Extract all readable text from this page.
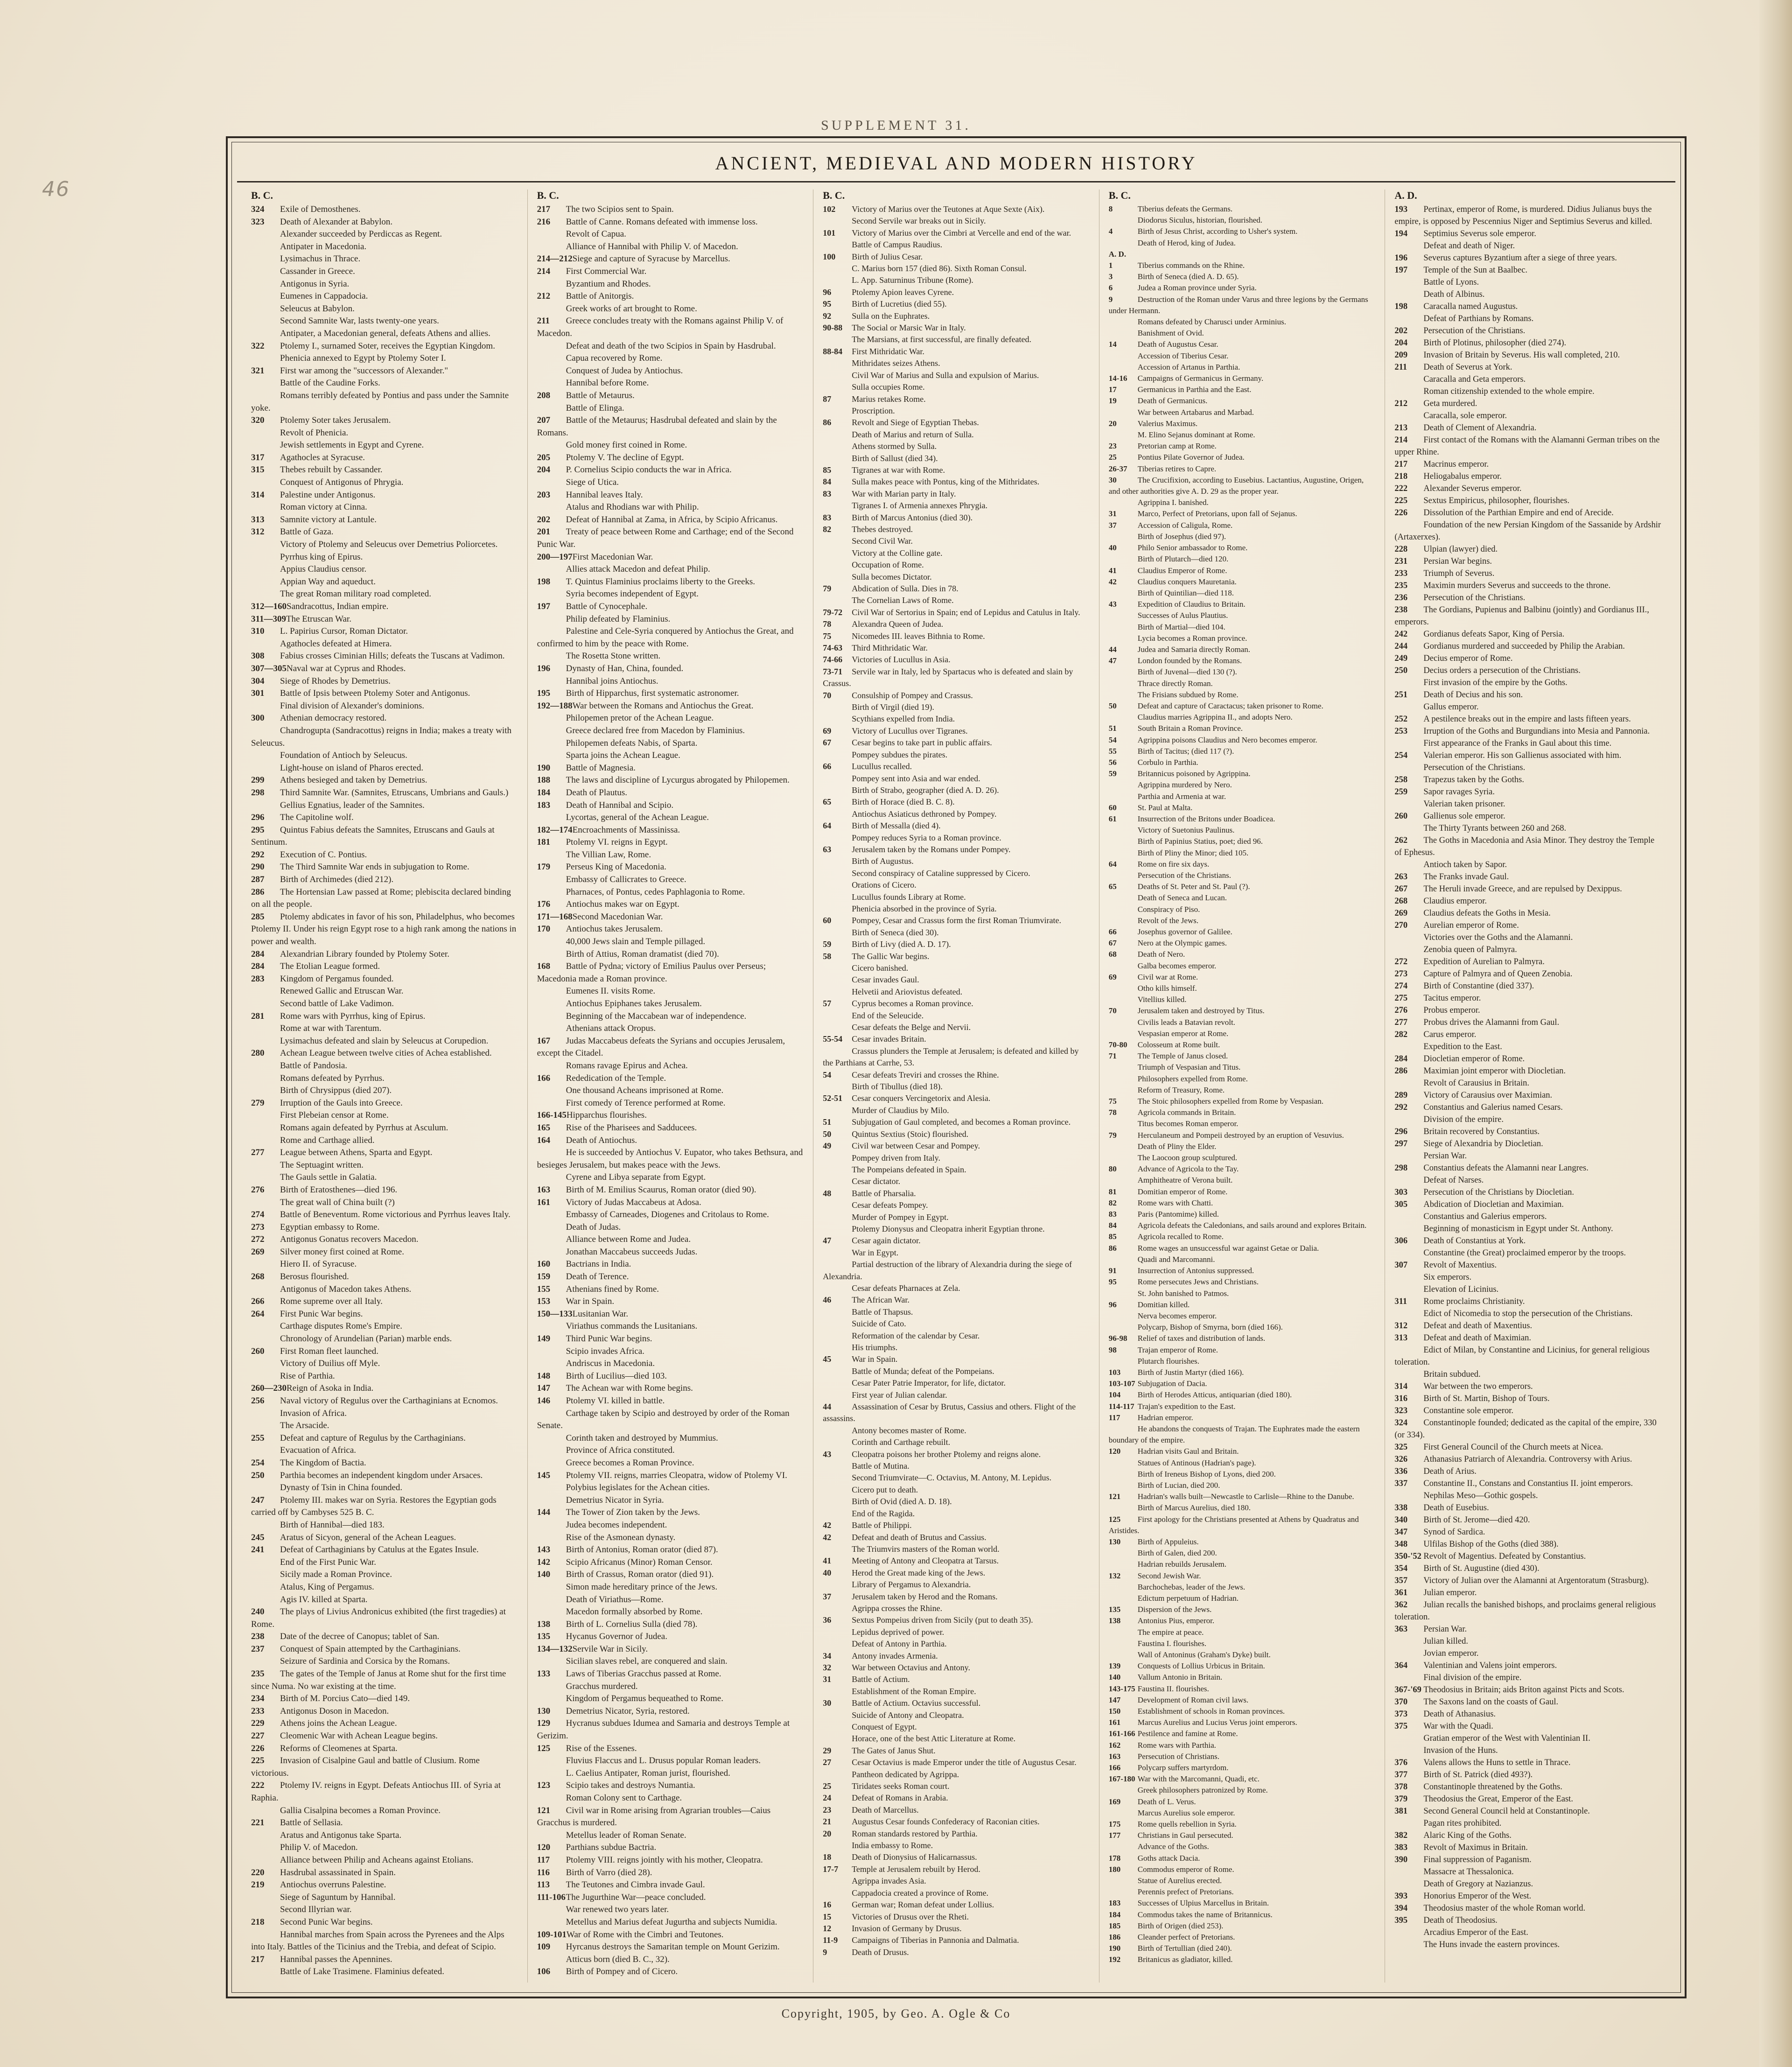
46
SUPPLEMENT 31.
ANCIENT, MEDIEVAL AND MODERN HISTORY
B. C.

324 Exile of Demosthenes.

323 Death of Alexander at Babylon.

Alexander succeeded by Perdiccas as Regent.

Antipater in Macedonia.

Lysimachus in Thrace.

Cassander in Greece.

Antigonus in Syria.

Eumenes in Cappadocia.

Seleucus at Babylon.

Second Samnite War, lasts twenty-one years.

Antipater, a Macedonian general, defeats Athens and allies.

322 Ptolemy I., surnamed Soter, receives the Egyptian Kingdom.

Phenicia annexed to Egypt by Ptolemy Soter I.

321 First war among the "successors of Alexander."

Battle of the Caudine Forks.

Romans terribly defeated by Pontius and pass under the Samnite yoke.

320 Ptolemy Soter takes Jerusalem.

Revolt of Phenicia.

Jewish settlements in Egypt and Cyrene.

317 Agathocles at Syracuse.

315 Thebes rebuilt by Cassander.

Conquest of Antigonus of Phrygia.

314 Palestine under Antigonus.

Roman victory at Cinna.

313 Samnite victory at Lantule.

312 Battle of Gaza.

Victory of Ptolemy and Seleucus over Demetrius Poliorcetes.

Pyrrhus king of Epirus.

Appius Claudius censor.

Appian Way and aqueduct.

The great Roman military road completed.

312—160Sandracottus, Indian empire.

311—309The Etruscan War.

310 L. Papirius Cursor, Roman Dictator.

Agathocles defeated at Himera.

308 Fabius crosses Ciminian Hills; defeats the Tuscans at Vadimon.

307—305Naval war at Cyprus and Rhodes.

304 Siege of Rhodes by Demetrius.

301 Battle of Ipsis between Ptolemy Soter and Antigonus.

Final division of Alexander's dominions.

300 Athenian democracy restored.

Chandrogupta (Sandracottus) reigns in India; makes a treaty with Seleucus.

Foundation of Antioch by Seleucus.

Light-house on island of Pharos erected.

299 Athens besieged and taken by Demetrius.

298 Third Samnite War. (Samnites, Etruscans, Umbrians and Gauls.)

Gellius Egnatius, leader of the Samnites.

296 The Capitoline wolf.

295 Quintus Fabius defeats the Samnites, Etruscans and Gauls at Sentinum.

292 Execution of C. Pontius.

290 The Third Samnite War ends in subjugation to Rome.

287 Birth of Archimedes (died 212).

286 The Hortensian Law passed at Rome; plebiscita declared binding on all the people.

285 Ptolemy abdicates in favor of his son, Philadelphus, who becomes Ptolemy II. Under his reign Egypt rose to a high rank among the nations in power and wealth.

284 Alexandrian Library founded by Ptolemy Soter.

284 The Etolian League formed.

283 Kingdom of Pergamus founded.

Renewed Gallic and Etruscan War.

Second battle of Lake Vadimon.

281 Rome wars with Pyrrhus, king of Epirus.

Rome at war with Tarentum.

Lysimachus defeated and slain by Seleucus at Corupedion.

280 Achean League between twelve cities of Achea established.

Battle of Pandosia.

Romans defeated by Pyrrhus.

Birth of Chrysippus (died 207).

279 Irruption of the Gauls into Greece.

First Plebeian censor at Rome.

Romans again defeated by Pyrrhus at Asculum.

Rome and Carthage allied.

277 League between Athens, Sparta and Egypt.

The Septuagint written.

The Gauls settle in Galatia.

276 Birth of Eratosthenes—died 196.

The great wall of China built (?)

274 Battle of Beneventum. Rome victorious and Pyrrhus leaves Italy.

273 Egyptian embassy to Rome.

272 Antigonus Gonatus recovers Macedon.

269 Silver money first coined at Rome.

Hiero II. of Syracuse.

268 Berosus flourished.

Antigonus of Macedon takes Athens.

266 Rome supreme over all Italy.

264 First Punic War begins.

Carthage disputes Rome's Empire.

Chronology of Arundelian (Parian) marble ends.

260 First Roman fleet launched.

Victory of Duilius off Myle.

Rise of Parthia.

260—230Reign of Asoka in India.

256 Naval victory of Regulus over the Carthaginians at Ecnomos.

Invasion of Africa.

The Arsacide.

255 Defeat and capture of Regulus by the Carthaginians.

Evacuation of Africa.

254 The Kingdom of Bactia.

250 Parthia becomes an independent kingdom under Arsaces.

Dynasty of Tsin in China founded.

247 Ptolemy III. makes war on Syria. Restores the Egyptian gods carried off by Cambyses 525 B. C.

Birth of Hannibal—died 183.

245 Aratus of Sicyon, general of the Achean Leagues.

241 Defeat of Carthaginians by Catulus at the Egates Insule.

End of the First Punic War.

Sicily made a Roman Province.

Atalus, King of Pergamus.

Agis IV. killed at Sparta.

240 The plays of Livius Andronicus exhibited (the first tragedies) at Rome.

238 Date of the decree of Canopus; tablet of San.

237 Conquest of Spain attempted by the Carthaginians.

Seizure of Sardinia and Corsica by the Romans.

235 The gates of the Temple of Janus at Rome shut for the first time since Numa. No war existing at the time.

234 Birth of M. Porcius Cato—died 149.

233 Antigonus Doson in Macedon.

229 Athens joins the Achean League.

227 Cleomenic War with Achean League begins.

226 Reforms of Cleomenes at Sparta.

225 Invasion of Cisalpine Gaul and battle of Clusium. Rome victorious.

222 Ptolemy IV. reigns in Egypt. Defeats Antiochus III. of Syria at Raphia.

Gallia Cisalpina becomes a Roman Province.

221 Battle of Sellasia.

Aratus and Antigonus take Sparta.

Philip V. of Macedon.

Alliance between Philip and Acheans against Etolians.

220 Hasdrubal assassinated in Spain.

219 Antiochus overruns Palestine.

Siege of Saguntum by Hannibal.

Second Illyrian war.

218 Second Punic War begins.

Hannibal marches from Spain across the Pyrenees and the Alps into Italy. Battles of the Ticinius and the Trebia, and defeat of Scipio.

217 Hannibal passes the Apennines.

Battle of Lake Trasimene. Flaminius defeated.

B. C.

217 The two Scipios sent to Spain.

216 Battle of Canne. Romans defeated with immense loss.

Revolt of Capua.

Alliance of Hannibal with Philip V. of Macedon.

214—212Siege and capture of Syracuse by Marcellus.

214 First Commercial War.

Byzantium and Rhodes.

212 Battle of Anitorgis.

Greek works of art brought to Rome.

211 Greece concludes treaty with the Romans against Philip V. of Macedon.

Defeat and death of the two Scipios in Spain by Hasdrubal.

Capua recovered by Rome.

Conquest of Judea by Antiochus.

Hannibal before Rome.

208 Battle of Metaurus.

Battle of Elinga.

207 Battle of the Metaurus; Hasdrubal defeated and slain by the Romans.

Gold money first coined in Rome.

205 Ptolemy V. The decline of Egypt.

204 P. Cornelius Scipio conducts the war in Africa.

Siege of Utica.

203 Hannibal leaves Italy.

Atalus and Rhodians war with Philip.

202 Defeat of Hannibal at Zama, in Africa, by Scipio Africanus.

201 Treaty of peace between Rome and Carthage; end of the Second Punic War.

200—197First Macedonian War.

Allies attack Macedon and defeat Philip.

198 T. Quintus Flaminius proclaims liberty to the Greeks.

Syria becomes independent of Egypt.

197 Battle of Cynocephale.

Philip defeated by Flaminius.

Palestine and Cele-Syria conquered by Antiochus the Great, and confirmed to him by the peace with Rome.

The Rosetta Stone written.

196 Dynasty of Han, China, founded.

Hannibal joins Antiochus.

195 Birth of Hipparchus, first systematic astronomer.

192—188War between the Romans and Antiochus the Great.

Philopemen pretor of the Achean League.

Greece declared free from Macedon by Flaminius.

Philopemen defeats Nabis, of Sparta.

Sparta joins the Achean League.

190 Battle of Magnesia.

188 The laws and discipline of Lycurgus abrogated by Philopemen.

184 Death of Plautus.

183 Death of Hannibal and Scipio.

Lycortas, general of the Achean League.

182—174Encroachments of Massinissa.

181 Ptolemy VI. reigns in Egypt.

The Villian Law, Rome.

179 Perseus King of Macedonia.

Embassy of Callicrates to Greece.

Pharnaces, of Pontus, cedes Paphlagonia to Rome.

176 Antiochus makes war on Egypt.

171—168Second Macedonian War.

170 Antiochus takes Jerusalem.

40,000 Jews slain and Temple pillaged.

Birth of Attius, Roman dramatist (died 70).

168 Battle of Pydna; victory of Emilius Paulus over Perseus; Macedonia made a Roman province.

Eumenes II. visits Rome.

Antiochus Epiphanes takes Jerusalem.

Beginning of the Maccabean war of independence.

Athenians attack Oropus.

167 Judas Maccabeus defeats the Syrians and occupies Jerusalem, except the Citadel.

Romans ravage Epirus and Achea.

166 Rededication of the Temple.

One thousand Acheans imprisoned at Rome.

First comedy of Terence performed at Rome.

166-145Hipparchus flourishes.

165 Rise of the Pharisees and Sadducees.

164 Death of Antiochus.

He is succeeded by Antiochus V. Eupator, who takes Bethsura, and besieges Jerusalem, but makes peace with the Jews.

Cyrene and Libya separate from Egypt.

163 Birth of M. Emilius Scaurus, Roman orator (died 90).

161 Victory of Judas Maccabeus at Adosa.

Embassy of Carneades, Diogenes and Critolaus to Rome.

Death of Judas.

Alliance between Rome and Judea.

Jonathan Maccabeus succeeds Judas.

160 Bactrians in India.

159 Death of Terence.

155 Athenians fined by Rome.

153 War in Spain.

150—133Lusitanian War.

Viriathus commands the Lusitanians.

149 Third Punic War begins.

Scipio invades Africa.

Andriscus in Macedonia.

148 Birth of Lucilius—died 103.

147 The Achean war with Rome begins.

146 Ptolemy VI. killed in battle.

Carthage taken by Scipio and destroyed by order of the Roman Senate.

Corinth taken and destroyed by Mummius.

Province of Africa constituted.

Greece becomes a Roman Province.

145 Ptolemy VII. reigns, marries Cleopatra, widow of Ptolemy VI.

Polybius legislates for the Achean cities.

Demetrius Nicator in Syria.

144 The Tower of Zion taken by the Jews.

Judea becomes independent.

Rise of the Asmonean dynasty.

143 Birth of Antonius, Roman orator (died 87).

142 Scipio Africanus (Minor) Roman Censor.

140 Birth of Crassus, Roman orator (died 91).

Simon made hereditary prince of the Jews.

Death of Viriathus—Rome.

Macedon formally absorbed by Rome.

138 Birth of L. Cornelius Sulla (died 78).

135 Hycanus Governor of Judea.

134—132Servile War in Sicily.

Sicilian slaves rebel, are conquered and slain.

133 Laws of Tiberias Gracchus passed at Rome.

Gracchus murdered.

Kingdom of Pergamus bequeathed to Rome.

130 Demetrius Nicator, Syria, restored.

129 Hycranus subdues Idumea and Samaria and destroys Temple at Gerizim.

125 Rise of the Essenes.

Fluvius Flaccus and L. Drusus popular Roman leaders.

L. Caelius Antipater, Roman jurist, flourished.

123 Scipio takes and destroys Numantia.

Roman Colony sent to Carthage.

121 Civil war in Rome arising from Agrarian troubles—Caius Gracchus is murdered.

Metellus leader of Roman Senate.

120 Parthians subdue Bactria.

117 Ptolemy VIII. reigns jointly with his mother, Cleopatra.

116 Birth of Varro (died 28).

113 The Teutones and Cimbra invade Gaul.

111-106The Jugurthine War—peace concluded.

War renewed two years later.

Metellus and Marius defeat Jugurtha and subjects Numidia.

109-101War of Rome with the Cimbri and Teutones.

109 Hyrcanus destroys the Samaritan temple on Mount Gerizim.

Atticus born (died B. C., 32).

106 Birth of Pompey and of Cicero.

B. C.

102 Victory of Marius over the Teutones at Aque Sexte (Aix).

Second Servile war breaks out in Sicily.

101 Victory of Marius over the Cimbri at Vercelle and end of the war.

Battle of Campus Raudius.

100 Birth of Julius Cesar.

C. Marius born 157 (died 86). Sixth Roman Consul.

L. App. Saturninus Tribune (Rome).

96 Ptolemy Apion leaves Cyrene.

95 Birth of Lucretius (died 55).

92 Sulla on the Euphrates.

90-88 The Social or Marsic War in Italy.

The Marsians, at first successful, are finally defeated.

88-84 First Mithridatic War.

Mithridates seizes Athens.

Civil War of Marius and Sulla and expulsion of Marius.

Sulla occupies Rome.

87 Marius retakes Rome.

Proscription.

86 Revolt and Siege of Egyptian Thebas.

Death of Marius and return of Sulla.

Athens stormed by Sulla.

Birth of Sallust (died 34).

85 Tigranes at war with Rome.

84 Sulla makes peace with Pontus, king of the Mithridates.

83 War with Marian party in Italy.

Tigranes I. of Armenia annexes Phrygia.

83 Birth of Marcus Antonius (died 30).

82 Thebes destroyed.

Second Civil War.

Victory at the Colline gate.

Occupation of Rome.

Sulla becomes Dictator.

79 Abdication of Sulla. Dies in 78.

The Cornelian Laws of Rome.

79-72 Civil War of Sertorius in Spain; end of Lepidus and Catulus in Italy.

78 Alexandra Queen of Judea.

75 Nicomedes III. leaves Bithnia to Rome.

74-63 Third Mithridatic War.

74-66 Victories of Lucullus in Asia.

73-71 Servile war in Italy, led by Spartacus who is defeated and slain by Crassus.

70 Consulship of Pompey and Crassus.

Birth of Virgil (died 19).

Scythians expelled from India.

69 Victory of Lucullus over Tigranes.

67 Cesar begins to take part in public affairs.

Pompey subdues the pirates.

66 Lucullus recalled.

Pompey sent into Asia and war ended.

Birth of Strabo, geographer (died A. D. 26).

65 Birth of Horace (died B. C. 8).

Antiochus Asiaticus dethroned by Pompey.

64 Birth of Messalla (died 4).

Pompey reduces Syria to a Roman province.

63 Jerusalem taken by the Romans under Pompey.

Birth of Augustus.

Second conspiracy of Cataline suppressed by Cicero.

Orations of Cicero.

Lucullus founds Library at Rome.

Phenicia absorbed in the province of Syria.

60 Pompey, Cesar and Crassus form the first Roman Triumvirate.

Birth of Seneca (died 30).

59 Birth of Livy (died A. D. 17).

58 The Gallic War begins.

Cicero banished.

Cesar invades Gaul.

Helvetii and Ariovistus defeated.

57 Cyprus becomes a Roman province.

End of the Seleucide.

Cesar defeats the Belge and Nervii.

55-54 Cesar invades Britain.

Crassus plunders the Temple at Jerusalem; is defeated and killed by the Parthians at Carrhe, 53.

54 Cesar defeats Treviri and crosses the Rhine.

Birth of Tibullus (died 18).

52-51 Cesar conquers Vercingetorix and Alesia.

Murder of Claudius by Milo.

51 Subjugation of Gaul completed, and becomes a Roman province.

50 Quintus Sextius (Stoic) flourished.

49 Civil war between Cesar and Pompey.

Pompey driven from Italy.

The Pompeians defeated in Spain.

Cesar dictator.

48 Battle of Pharsalia.

Cesar defeats Pompey.

Murder of Pompey in Egypt.

Ptolemy Dionysus and Cleopatra inherit Egyptian throne.

47 Cesar again dictator.

War in Egypt.

Partial destruction of the library of Alexandria during the siege of Alexandria.

Cesar defeats Pharnaces at Zela.

46 The African War.

Battle of Thapsus.

Suicide of Cato.

Reformation of the calendar by Cesar.

His triumphs.

45 War in Spain.

Battle of Munda; defeat of the Pompeians.

Cesar Pater Patrie Imperator, for life, dictator.

First year of Julian calendar.

44 Assassination of Cesar by Brutus, Cassius and others. Flight of the assassins.

Antony becomes master of Rome.

Corinth and Carthage rebuilt.

43 Cleopatra poisons her brother Ptolemy and reigns alone.

Battle of Mutina.

Second Triumvirate—C. Octavius, M. Antony, M. Lepidus.

Cicero put to death.

Birth of Ovid (died A. D. 18).

End of the Ragida.

42 Battle of Philippi.

42 Defeat and death of Brutus and Cassius.

The Triumvirs masters of the Roman world.

41 Meeting of Antony and Cleopatra at Tarsus.

40 Herod the Great made king of the Jews.

Library of Pergamus to Alexandria.

37 Jerusalem taken by Herod and the Romans.

Agrippa crosses the Rhine.

36 Sextus Pompeius driven from Sicily (put to death 35).

Lepidus deprived of power.

Defeat of Antony in Parthia.

34 Antony invades Armenia.

32 War between Octavius and Antony.

31 Battle of Actium.

Establishment of the Roman Empire.

30 Battle of Actium. Octavius successful.

Suicide of Antony and Cleopatra.

Conquest of Egypt.

Horace, one of the best Attic Literature at Rome.

29 The Gates of Janus Shut.

27 Cesar Octavius is made Emperor under the title of Augustus Cesar.

Pantheon dedicated by Agrippa.

25 Tiridates seeks Roman court.

24 Defeat of Romans in Arabia.

23 Death of Marcellus.

21 Augustus Cesar founds Confederacy of Raconian cities.

20 Roman standards restored by Parthia.

India embassy to Rome.

18 Death of Dionysius of Halicarnassus.

17-7 Temple at Jerusalem rebuilt by Herod.

Agrippa invades Asia.

Cappadocia created a province of Rome.

16 German war; Roman defeat under Lollius.

15 Victories of Drusus over the Rheti.

12 Invasion of Germany by Drusus.

11-9 Campaigns of Tiberias in Pannonia and Dalmatia.

9	Death of Drusus.

B. C.

8	Tiberius defeats the Germans.

Diodorus Siculus, historian, flourished.

4	Birth of Jesus Christ, according to Usher's system.

Death of Herod, king of Judea.

A. D.

1	Tiberius commands on the Rhine.

3	Birth of Seneca (died A. D. 65).

6	Judea a Roman province under Syria.

9	Destruction of the Roman under Varus and three legions by the Germans under Hermann.

Romans defeated by Charusci under Arminius.

Banishment of Ovid.

14	Death of Augustus Cesar.

Accession of Tiberius Cesar.

Accession of Artanus in Parthia.

14-16 Campaigns of Germanicus in Germany.

17	Germanicus in Parthia and the East.

19	Death of Germanicus.

War between Artabarus and Marbad.

20	Valerius Maximus.

M. Elino Sejanus dominant at Rome.

23	Pretorian camp at Rome.

25	Pontius Pilate Governor of Judea.

26-37 Tiberias retires to Capre.

30	The Crucifixion, according to Eusebius. Lactantius, Augustine, Origen, and other authorities give A. D. 29 as the proper year.

Agrippina I. banished.

31	Marco, Perfect of Pretorians, upon fall of Sejanus.

37	Accession of Caligula, Rome.

Birth of Josephus (died 97).

40	Philo Senior ambassador to Rome.

Birth of Plutarch—died 120.

41	Claudius Emperor of Rome.

42	Claudius conquers Mauretania.

Birth of Quintilian—died 118.

43	Expedition of Claudius to Britain.

Successes of Aulus Plautius.

Birth of Martial—died 104.

Lycia becomes a Roman province.

44	Judea and Samaria directly Roman.

47	London founded by the Romans.

Birth of Juvenal—died 130 (?).

Thrace directly Roman.

The Frisians subdued by Rome.

50	Defeat and capture of Caractacus; taken prisoner to Rome.

Claudius marries Agrippina II., and adopts Nero.

51	South Britain a Roman Province.

54	Agrippina poisons Claudius and Nero becomes emperor.

55	Birth of Tacitus; (died 117 (?).

56	Corbulo in Parthia.

59	Britannicus poisoned by Agrippina.

Agrippina murdered by Nero.

Parthia and Armenia at war.

60	St. Paul at Malta.

61	Insurrection of the Britons under Boadicea.

Victory of Suetonius Paulinus.

Birth of Papinius Statius, poet; died 96.

Birth of Pliny the Minor; died 105.

64	Rome on fire six days.

Persecution of the Christians.

65	Deaths of St. Peter and St. Paul (?).

Death of Seneca and Lucan.

Conspiracy of Piso.

Revolt of the Jews.

66	Josephus governor of Galilee.

67	Nero at the Olympic games.

68	Death of Nero.

Galba becomes emperor.

69	Civil war at Rome.

Otho kills himself.

Vitellius killed.

70	Jerusalem taken and destroyed by Titus.

Civilis leads a Batavian revolt.

Vespasian emperor at Rome.

70-80 Colosseum at Rome built.

71	The Temple of Janus closed.

Triumph of Vespasian and Titus.

Philosophers expelled from Rome.

Reform of Treasury, Rome.

75	The Stoic philosophers expelled from Rome by Vespasian.

78	Agricola commands in Britain.

Titus becomes Roman emperor.

79	Herculaneum and Pompeii destroyed by an eruption of Vesuvius.

Death of Pliny the Elder.

The Laocoon group sculptured.

80	Advance of Agricola to the Tay.

Amphitheatre of Verona built.

81	Domitian emperor of Rome.

82	Rome wars with Chatti.

83	Paris (Pantomime) killed.

84	Agricola defeats the Caledonians, and sails around and explores Britain.

85	Agricola recalled to Rome.

86	Rome wages an unsuccessful war against Getae or Dalia.

Quadi and Marcomanni.

91	Insurrection of Antonius suppressed.

95	Rome persecutes Jews and Christians.

St. John banished to Patmos.

96	Domitian killed.

Nerva becomes emperor.

Polycarp, Bishop of Smyrna, born (died 166).

96-98 Relief of taxes and distribution of lands.

98	Trajan emperor of Rome.

Plutarch flourishes.

103 Birth of Justin Martyr (died 166).

103-107 Subjugation of Dacia.

104 Birth of Herodes Atticus, antiquarian (died 180).

114-117 Trajan's expedition to the East.

117 Hadrian emperor.

He abandons the conquests of Trajan. The Euphrates made the eastern boundary of the empire.

120 Hadrian visits Gaul and Britain.

Statues of Antinous (Hadrian's page).

Birth of Ireneus Bishop of Lyons, died 200.

Birth of Lucian, died 200.

121 Hadrian's walls built—Newcastle to Carlisle—Rhine to the Danube.

Birth of Marcus Aurelius, died 180.

125 First apology for the Christians presented at Athens by Quadratus and Aristides.

130 Birth of Appuleius.

Birth of Galen, died 200.

Hadrian rebuilds Jerusalem.

132 Second Jewish War.

Barchochebas, leader of the Jews.

Edictum perpetuum of Hadrian.

135 Dispersion of the Jews.

138 Antonius Pius, emperor.

The empire at peace.

Faustina I. flourishes.

Wall of Antoninus (Graham's Dyke) built.

139 Conquests of Lollius Urbicus in Britain.

140 Vallum Antonio in Britain.

143-175 Faustina II. flourishes.

147 Development of Roman civil laws.

150 Establishment of schools in Roman provinces.

161 Marcus Aurelius and Lucius Verus joint emperors.

161-166 Pestilence and famine at Rome.

162 Rome wars with Parthia.

163 Persecution of Christians.

166 Polycarp suffers martyrdom.

167-180 War with the Marcomanni, Quadi, etc.

Greek philosophers patronized by Rome.

169 Death of L. Verus.

Marcus Aurelius sole emperor.

175 Rome quells rebellion in Syria.

177 Christians in Gaul persecuted.

Advance of the Goths.

178 Goths attack Dacia.

180 Commodus emperor of Rome.

Statue of Aurelius erected.

Perennis prefect of Pretorians.

183 Successes of Ulpius Marcellus in Britain.

184 Commodus takes the name of Britannicus.

185 Birth of Origen (died 253).

186 Cleander perfect of Pretorians.

190 Birth of Tertullian (died 240).

192 Britanicus as gladiator, killed.

A. D.

193 Pertinax, emperor of Rome, is murdered. Didius Julianus buys the empire, is opposed by Pescennius Niger and Septimius Severus and killed.

194 Septimius Severus sole emperor.

Defeat and death of Niger.

196 Severus captures Byzantium after a siege of three years.

197 Temple of the Sun at Baalbec.

Battle of Lyons.

Death of Albinus.

198 Caracalla named Augustus.

Defeat of Parthians by Romans.

202 Persecution of the Christians.

204 Birth of Plotinus, philosopher (died 274).

209 Invasion of Britain by Severus. His wall completed, 210.

211 Death of Severus at York.

Caracalla and Geta emperors.

Roman citizenship extended to the whole empire.

212 Geta murdered.

Caracalla, sole emperor.

213 Death of Clement of Alexandria.

214 First contact of the Romans with the Alamanni German tribes on the upper Rhine.

217 Macrinus emperor.

218 Heliogabalus emperor.

222 Alexander Severus emperor.

225 Sextus Empiricus, philosopher, flourishes.

226 Dissolution of the Parthian Empire and end of Arecide.

Foundation of the new Persian Kingdom of the Sassanide by Ardshir (Artaxerxes).

228 Ulpian (lawyer) died.

231 Persian War begins.

233 Triumph of Severus.

235 Maximin murders Severus and succeeds to the throne.

236 Persecution of the Christians.

238 The Gordians, Pupienus and Balbinu (jointly) and Gordianus III., emperors.

242 Gordianus defeats Sapor, King of Persia.

244 Gordianus murdered and succeeded by Philip the Arabian.

249 Decius emperor of Rome.

250 Decius orders a persecution of the Christians.

First invasion of the empire by the Goths.

251 Death of Decius and his son.

Gallus emperor.

252 A pestilence breaks out in the empire and lasts fifteen years.

253 Irruption of the Goths and Burgundians into Mesia and Pannonia.

First appearance of the Franks in Gaul about this time.

254 Valerian emperor. His son Gallienus associated with him.

Persecution of the Christians.

258 Trapezus taken by the Goths.

259 Sapor ravages Syria.

Valerian taken prisoner.

260 Gallienus sole emperor.

The Thirty Tyrants between 260 and 268.

262 The Goths in Macedonia and Asia Minor. They destroy the Temple of Ephesus.

Antioch taken by Sapor.

263 The Franks invade Gaul.

267 The Heruli invade Greece, and are repulsed by Dexippus.

268 Claudius emperor.

269 Claudius defeats the Goths in Mesia.

270 Aurelian emperor of Rome.

Victories over the Goths and the Alamanni.

Zenobia queen of Palmyra.

272 Expedition of Aurelian to Palmyra.

273 Capture of Palmyra and of Queen Zenobia.

274 Birth of Constantine (died 337).

275 Tacitus emperor.

276 Probus emperor.

277 Probus drives the Alamanni from Gaul.

282 Carus emperor.

Expedition to the East.

284 Diocletian emperor of Rome.

286 Maximian joint emperor with Diocletian.

Revolt of Carausius in Britain.

289 Victory of Carausius over Maximian.

292 Constantius and Galerius named Cesars.

Division of the empire.

296 Britain recovered by Constantius.

297 Siege of Alexandria by Diocletian.

Persian War.

298 Constantius defeats the Alamanni near Langres.

Defeat of Narses.

303 Persecution of the Christians by Diocletian.

305 Abdication of Diocletian and Maximian.

Constantius and Galerius emperors.

Beginning of monasticism in Egypt under St. Anthony.

306 Death of Constantius at York.

Constantine (the Great) proclaimed emperor by the troops.

307 Revolt of Maxentius.

Six emperors.

Elevation of Licinius.

311 Rome proclaims Christianity.

Edict of Nicomedia to stop the persecution of the Christians.

312 Defeat and death of Maxentius.

313 Defeat and death of Maximian.

Edict of Milan, by Constantine and Licinius, for general religious toleration.

Britain subdued.

314 War between the two emperors.

316 Birth of St. Martin, Bishop of Tours.

323 Constantine sole emperor.

324 Constantinople founded; dedicated as the capital of the empire, 330 (or 334).

325 First General Council of the Church meets at Nicea.

326 Athanasius Patriarch of Alexandria. Controversy with Arius.

336 Death of Arius.

337 Constantine II., Constans and Constantius II. joint emperors.

Nephilas Meso—Gothic gospels.

338 Death of Eusebius.

340 Birth of St. Jerome—died 420.

347 Synod of Sardica.

348 Ulfilas Bishop of the Goths (died 388).

350-'52 Revolt of Magentius. Defeated by Constantius.

354 Birth of St. Augustine (died 430).

357 Victory of Julian over the Alamanni at Argentoratum (Strasburg).

361 Julian emperor.

362 Julian recalls the banished bishops, and proclaims general religious toleration.

363 Persian War.

Julian killed.

Jovian emperor.

364 Valentinian and Valens joint emperors.

Final division of the empire.

367-'69 Theodosius in Britain; aids Briton against Picts and Scots.

370 The Saxons land on the coasts of Gaul.

373 Death of Athanasius.

375 War with the Quadi.

Gratian emperor of the West with Valentinian II.

Invasion of the Huns.

376 Valens allows the Huns to settle in Thrace.

377 Birth of St. Patrick (died 493?).

378 Constantinople threatened by the Goths.

379 Theodosius the Great, Emperor of the East.

381 Second General Council held at Constantinople.

Pagan rites prohibited.

382 Alaric King of the Goths.

383 Revolt of Maximus in Britain.

390 Final suppression of Paganism.

Massacre at Thessalonica.

Death of Gregory at Nazianzus.

393 Honorius Emperor of the West.

394 Theodosius master of the whole Roman world.

395 Death of Theodosius.

Arcadius Emperor of the East.

The Huns invade the eastern provinces.

Copyright, 1905, by Geo. A. Ogle & Co
